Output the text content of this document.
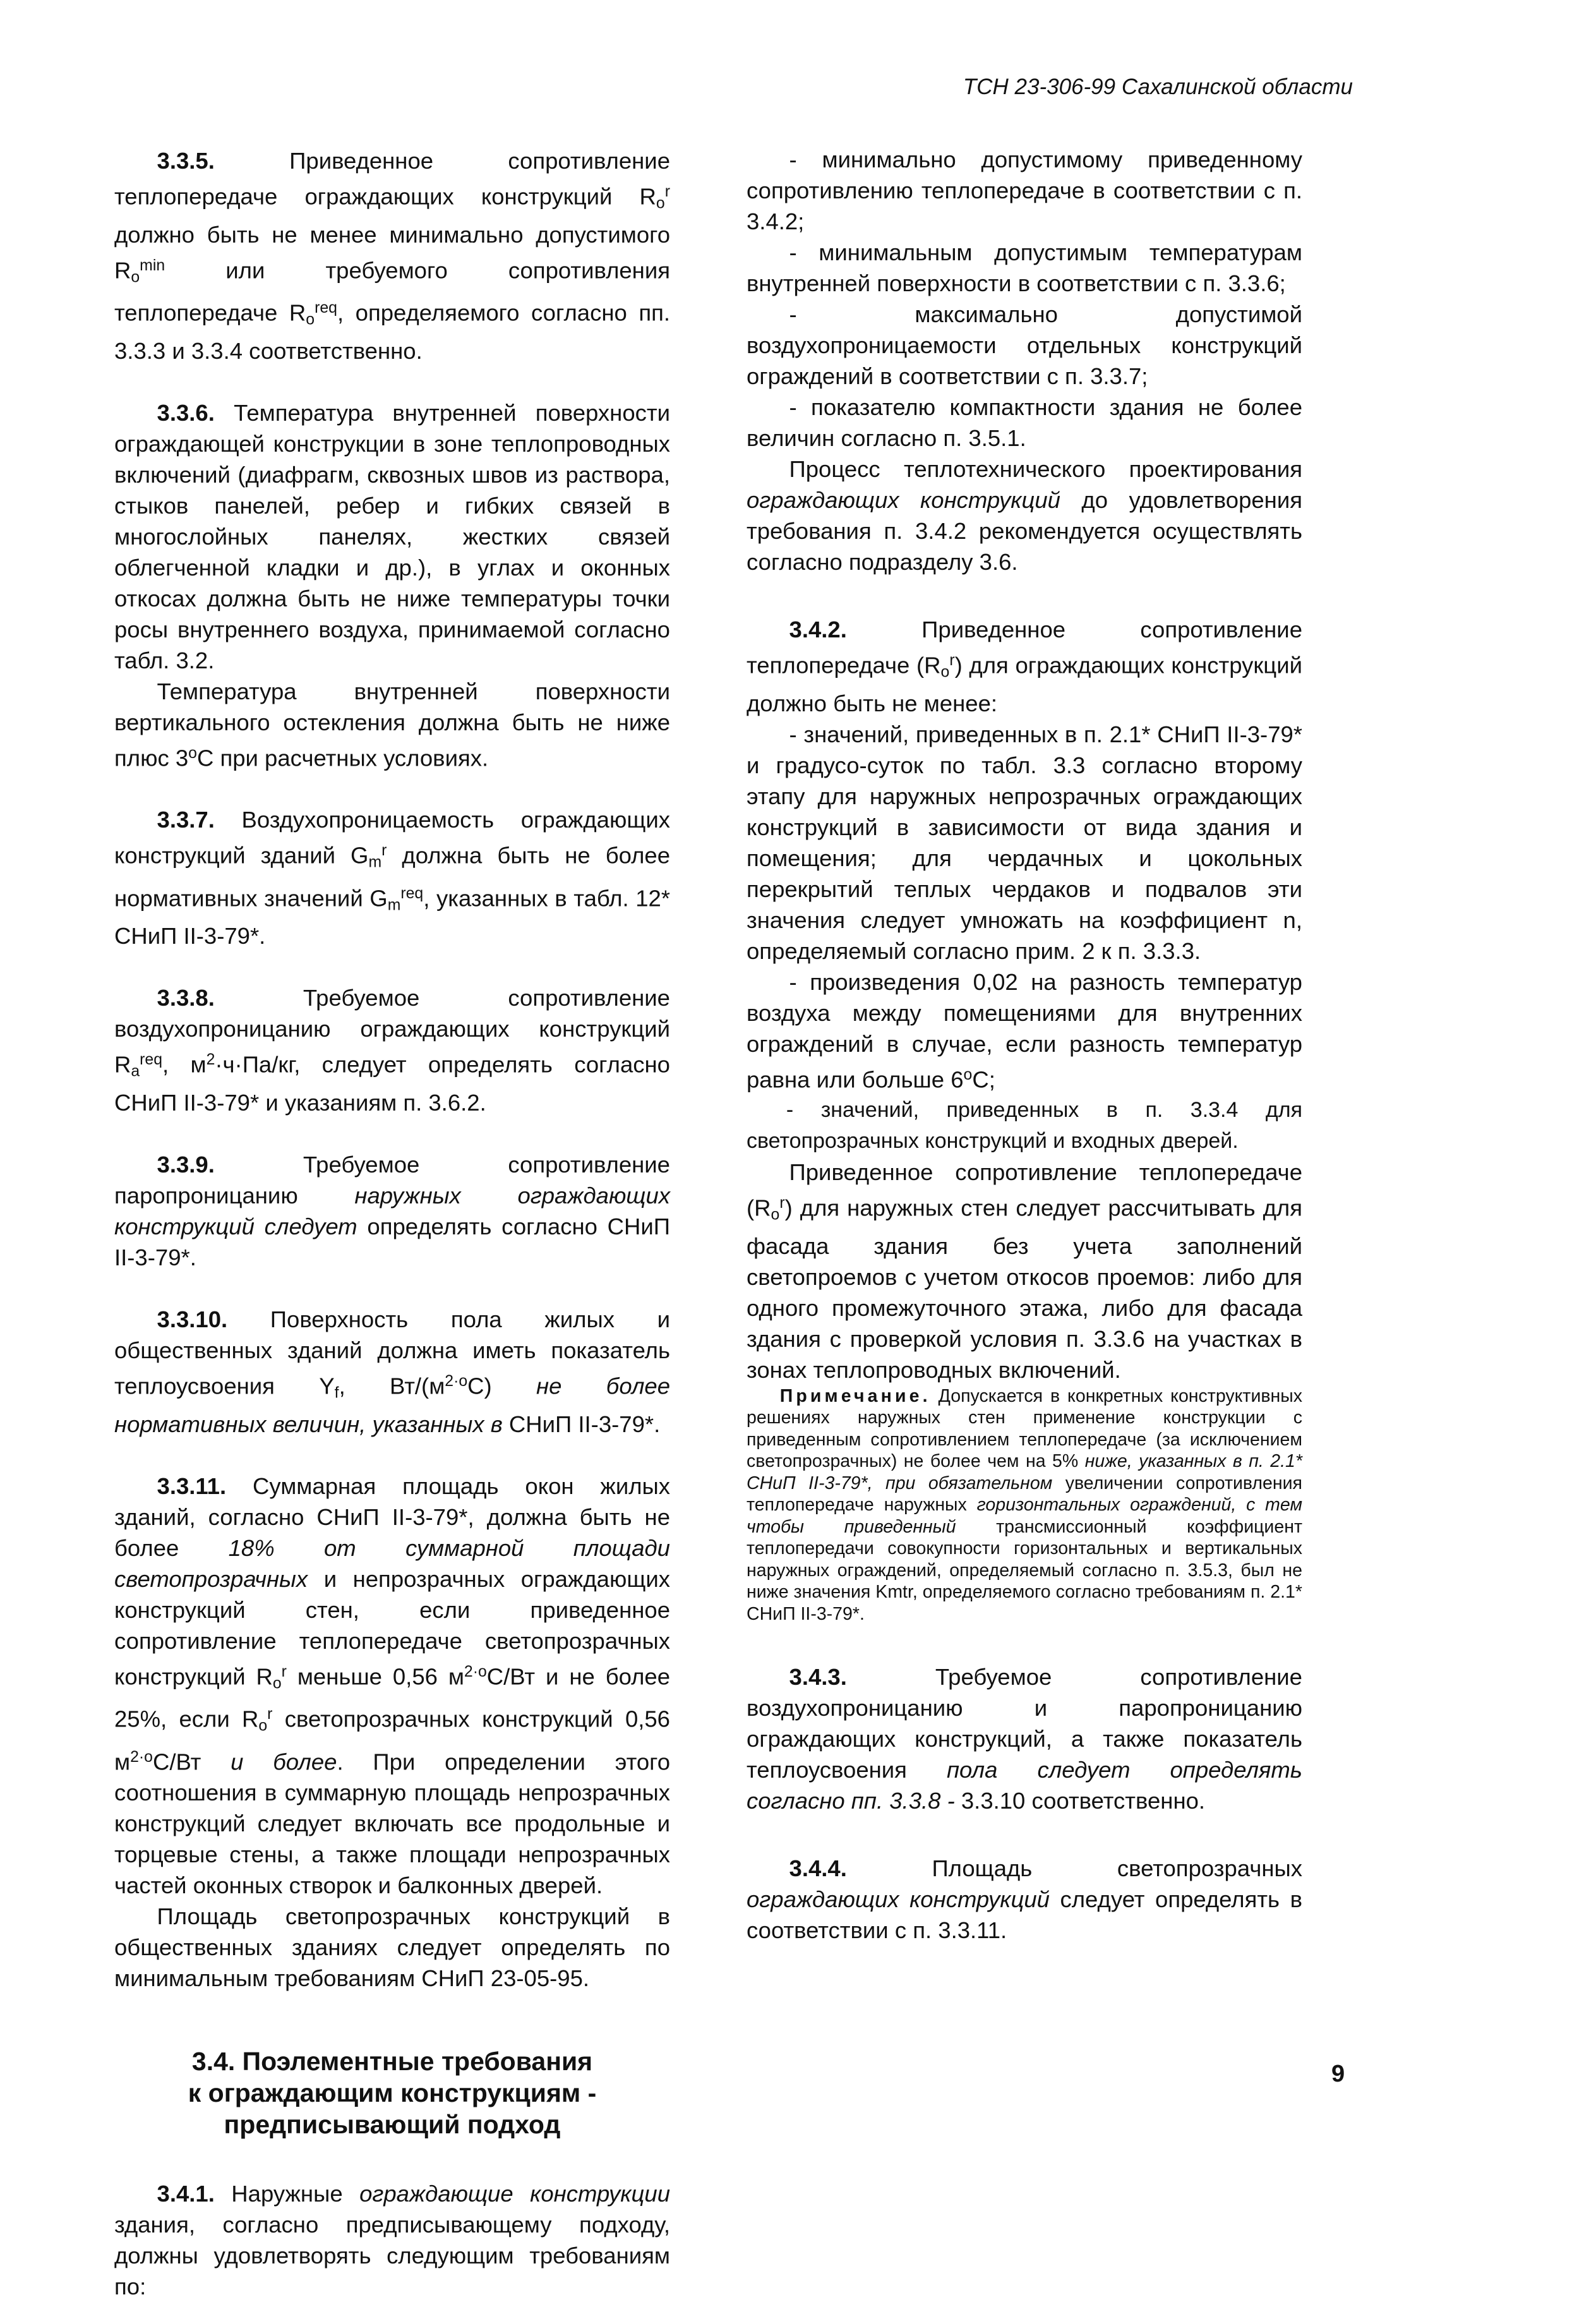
ТСН 23-306-99 Сахалинской области

3.3.5.	Приведенное сопротивление теплопередаче ограждающих конструкций $R_o^r$ должно быть не менее минимально допустимого $R_o^{min}$ или требуемого сопротивления теплопередаче $R_o^{req}$, определяемого согласно пп. 3.3.3 и 3.3.4 соответственно.

3.3.6. Температура внутренней поверхности ограждающей конструкции в зоне теплопроводных включений (диафрагм, сквозных швов из раствора, стыков панелей, ребер и гибких связей в многослойных панелях, жестких связей облегченной кладки и др.), в углах и оконных откосах должна быть не ниже температуры точки росы внутреннего воздуха, принимаемой согласно табл. 3.2.

Температура внутренней поверхности вертикального остекления должна быть не ниже плюс 3$^o$С при расчетных условиях.

3.3.7. Воздухопроницаемость ограждающих конструкций зданий $G_m^r$ должна быть не более нормативных значений $G_m^{req}$, указанных в табл. 12* СНиП II-3-79*.

3.3.8.	Требуемое сопротивление воздухопроницанию ограждающих конструкций $R_a^{req}$, $м^2\cdot ч\cdot Па/кг$, следует определять согласно СНиП II-3-79* и указаниям п. 3.6.2.

3.3.9.	Требуемое сопротивление паропроницанию наружных ограждающих конструкций следует определять согласно СНиП II-3-79*.

3.3.10. Поверхность пола жилых и общественных зданий должна иметь показатель теплоусвоения $Y_f$, $Вт/(м^{2\cdot o}С)$ не более нормативных величин, указанных в СНиП II-3-79*.

3.3.11. Суммарная площадь окон жилых зданий, согласно СНиП II-3-79*, должна быть не более 18% от суммарной площади светопрозрачных и непрозрачных ограждающих конструкций стен, если приведенное сопротивление теплопередаче светопрозрачных конструкций $R_o^r$ меньше 0,56 $м^{2\cdot o}С/Вт$ и не более 25%, если $R_o^r$ светопрозрачных конструкций 0,56 $м^{2\cdot o}С/Вт$ и более. При определении этого соотношения в суммарную площадь непрозрачных конструкций следует включать все продольные и торцевые стены, а также площади непрозрачных частей оконных створок и балконных дверей.

Площадь светопрозрачных конструкций в общественных зданиях следует определять по минимальным требованиям СНиП 23-05-95.

3.4. Поэлементные требования
к ограждающим конструкциям -
предписывающий подход

3.4.1. Наружные ограждающие конструкции здания, согласно предписывающему подходу, должны удовлетворять следующим требованиям по:

- минимально допустимому приведенному сопротивлению теплопередаче в соответствии с п. 3.4.2;

- минимальным допустимым температурам внутренней поверхности в соответствии с п. 3.3.6;

- максимально допустимой воздухопроницаемости отдельных конструкций ограждений в соответствии с п. 3.3.7;

- показателю компактности здания не более величин согласно п. 3.5.1.

Процесс теплотехнического проектирования ограждающих конструкций до удовлетворения требования п. 3.4.2 рекомендуется осуществлять согласно подразделу 3.6.

3.4.2.	Приведенное сопротивление теплопередаче $(R_o^r)$ для ограждающих конструкций должно быть не менее:

- значений, приведенных в п. 2.1* СНиП II-3-79* и градусо-суток по табл. 3.3 согласно второму этапу для наружных непрозрачных ограждающих конструкций в зависимости от вида здания и помещения; для чердачных и цокольных перекрытий теплых чердаков и подвалов эти значения следует умножать на коэффициент n, определяемый согласно прим. 2 к п. 3.3.3.

- произведения 0,02 на разность температур воздуха между помещениями для внутренних ограждений в случае, если разность температур равна или больше 6$^o$С;

- значений, приведенных в п. 3.3.4 для светопрозрачных конструкций и входных дверей.

Приведенное сопротивление теплопередаче $(R_o^r)$ для наружных стен следует рассчитывать для фасада здания без учета заполнений светопроемов с учетом откосов проемов: либо для одного промежуточного этажа, либо для фасада здания с проверкой условия п. 3.3.6 на участках в зонах теплопроводных включений.

Примечание. Допускается в конкретных конструктивных решениях наружных стен применение конструкции с приведенным сопротивлением теплопередаче (за исключением светопрозрачных) не более чем на 5% ниже, указанных в п. 2.1* СНиП II-3-79*, при обязательном увеличении сопротивления теплопередаче наружных горизонтальных ограждений, с тем чтобы приведенный трансмиссионный коэффициент теплопередачи совокупности горизонтальных и вертикальных наружных ограждений, определяемый согласно п. 3.5.3, был не ниже значения Kmtr, определяемого согласно требованиям п. 2.1* СНиП II-3-79*.

3.4.3.	Требуемое сопротивление воздухопроницанию и паропроницанию ограждающих конструкций, а также показатель теплоусвоения пола следует определять согласно пп. 3.3.8 - 3.3.10 соответственно.

3.4.4.	Площадь светопрозрачных ограждающих конструкций следует определять в соответствии с п. 3.3.11.

9
